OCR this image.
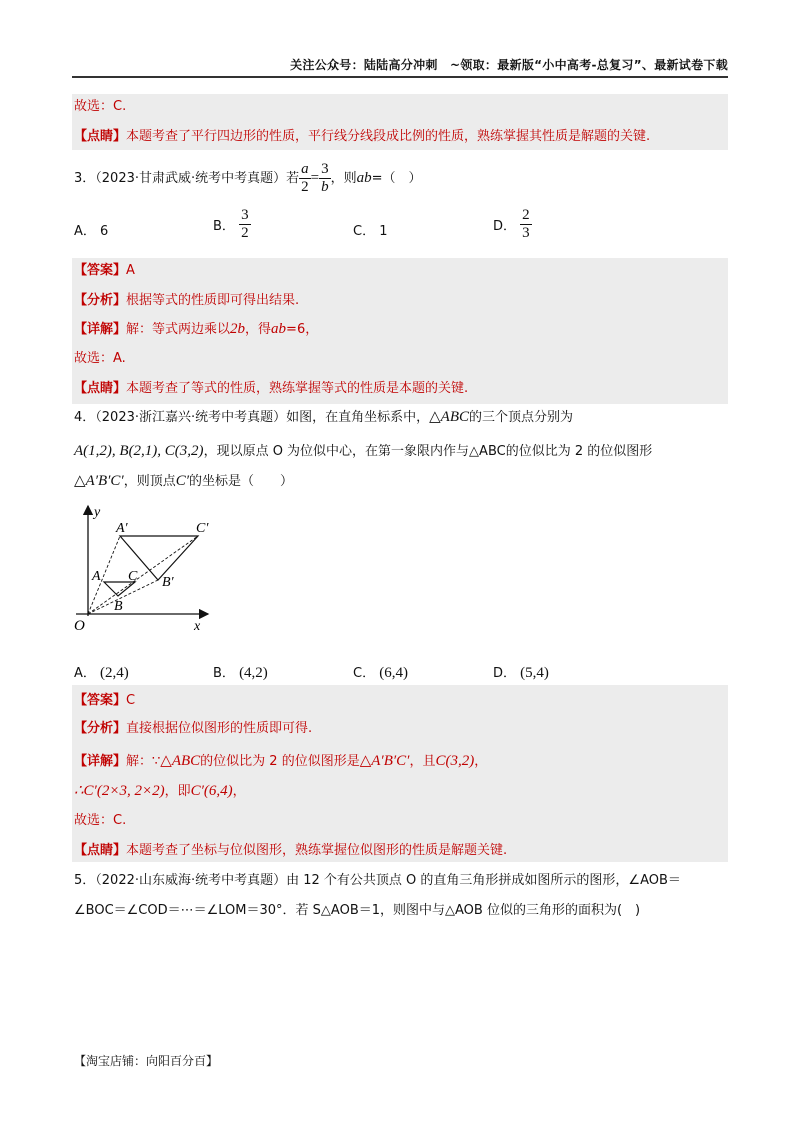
关注公众号：陆陆高分冲刺　~领取：最新版“小中高考-总复习”、最新试卷下载
故选：C.
【点睛】本题考查了平行四边形的性质，平行线分线段成比例的性质，熟练掌握其性质是解题的关键.
3．（2023·甘肃武威·统考中考真题）若 $\frac{a}{2} = \frac{3}{b}$ ，则ab=（　）
A． 6	B． $\frac{3}{2}$	C． 1	D． $\frac{2}{3}$
【答案】A
【分析】根据等式的性质即可得出结果.
【详解】解：等式两边乘以2b，得ab=6，
故选：A.
【点睛】本题考查了等式的性质，熟练掌握等式的性质是本题的关键.
4．（2023·浙江嘉兴·统考中考真题）如图，在直角坐标系中，△ABC的三个顶点分别为
A(1,2), B(2,1), C(3,2)，现以原点 O 为位似中心，在第一象限内作与△ABC的位似比为 2 的位似图形
△A′B′C′，则顶点C′的坐标是（　　）
y
x
O
A
B
C
A′
B′
C′
A． (2,4)	B． (4,2)	C． (6,4)	D． (5,4)
【答案】C
【分析】直接根据位似图形的性质即可得.
【详解】解：∵△ABC的位似比为 2 的位似图形是△A′B′C′，且C(3,2)，
∴C′(2×3, 2×2)，即C′(6,4)，
故选：C.
【点睛】本题考查了坐标与位似图形，熟练掌握位似图形的性质是解题关键.
5．（2022·山东威海·统考中考真题）由 12 个有公共顶点 O 的直角三角形拼成如图所示的图形，∠AOB＝
∠BOC＝∠COD＝⋯＝∠LOM＝30°．若 S△AOB＝1，则图中与△AOB 位似的三角形的面积为(　)
【淘宝店铺：向阳百分百】
